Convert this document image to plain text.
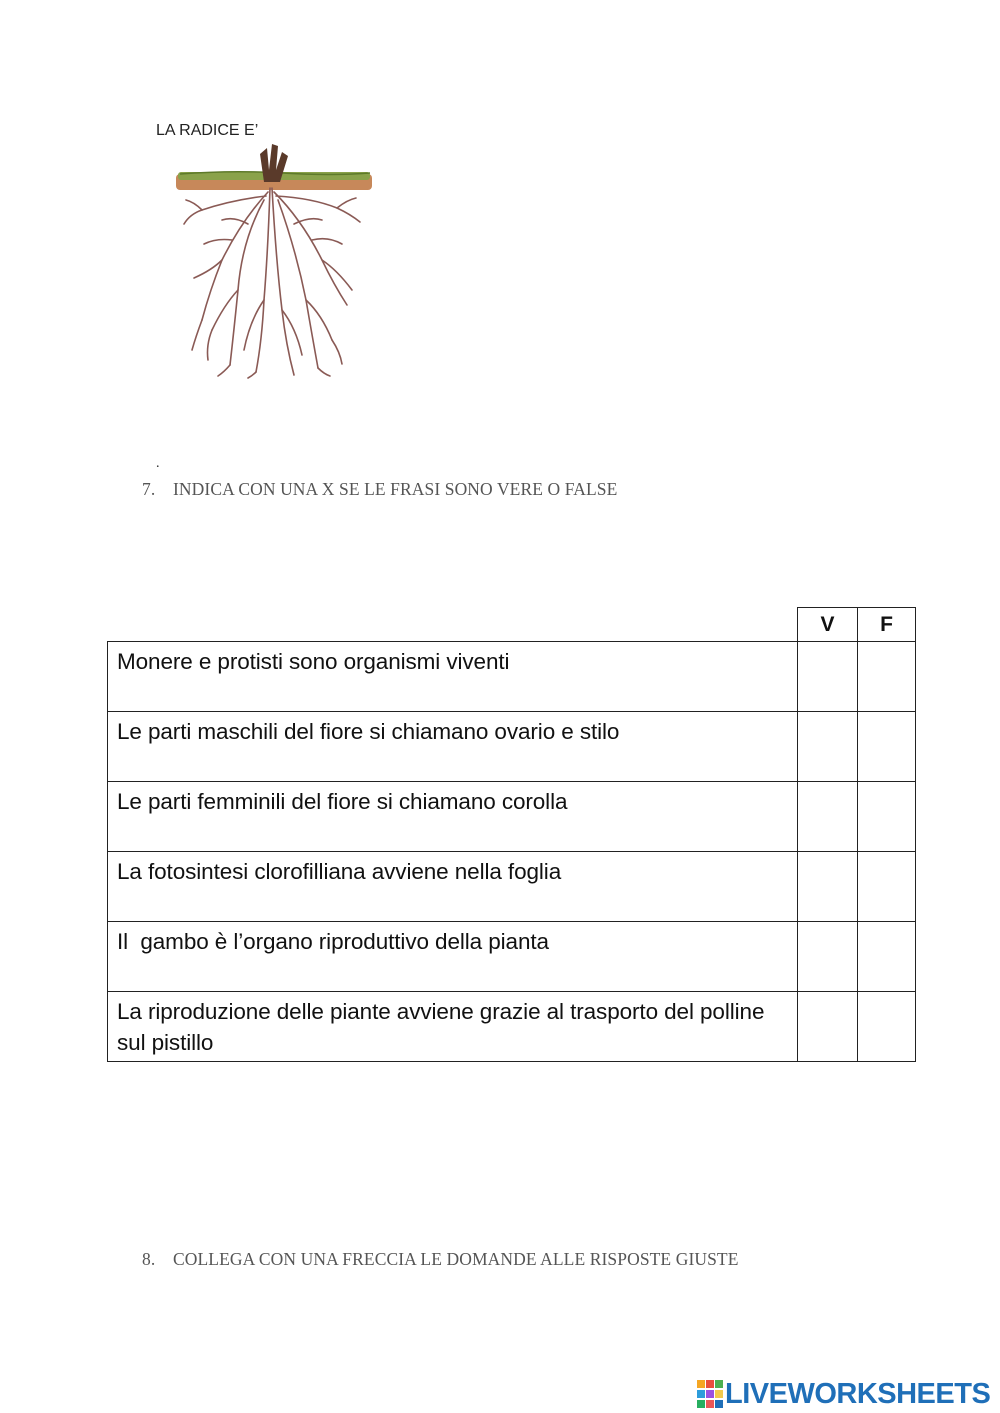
LA RADICE E’
.
7. INDICA CON UNA X SE LE FRASI SONO VERE O FALSE
	V	F
Monere e protisti sono organismi viventi		
Le parti maschili del fiore si chiamano ovario e stilo		
Le parti femminili del fiore si chiamano corolla		
La fotosintesi clorofilliana avviene nella foglia		
Il  gambo è l’organo riproduttivo della pianta		
La riproduzione delle piante avviene grazie al trasporto del polline sul pistillo		
8. COLLEGA CON UNA FRECCIA LE DOMANDE ALLE RISPOSTE GIUSTE
LIVEWORKSHEETS
